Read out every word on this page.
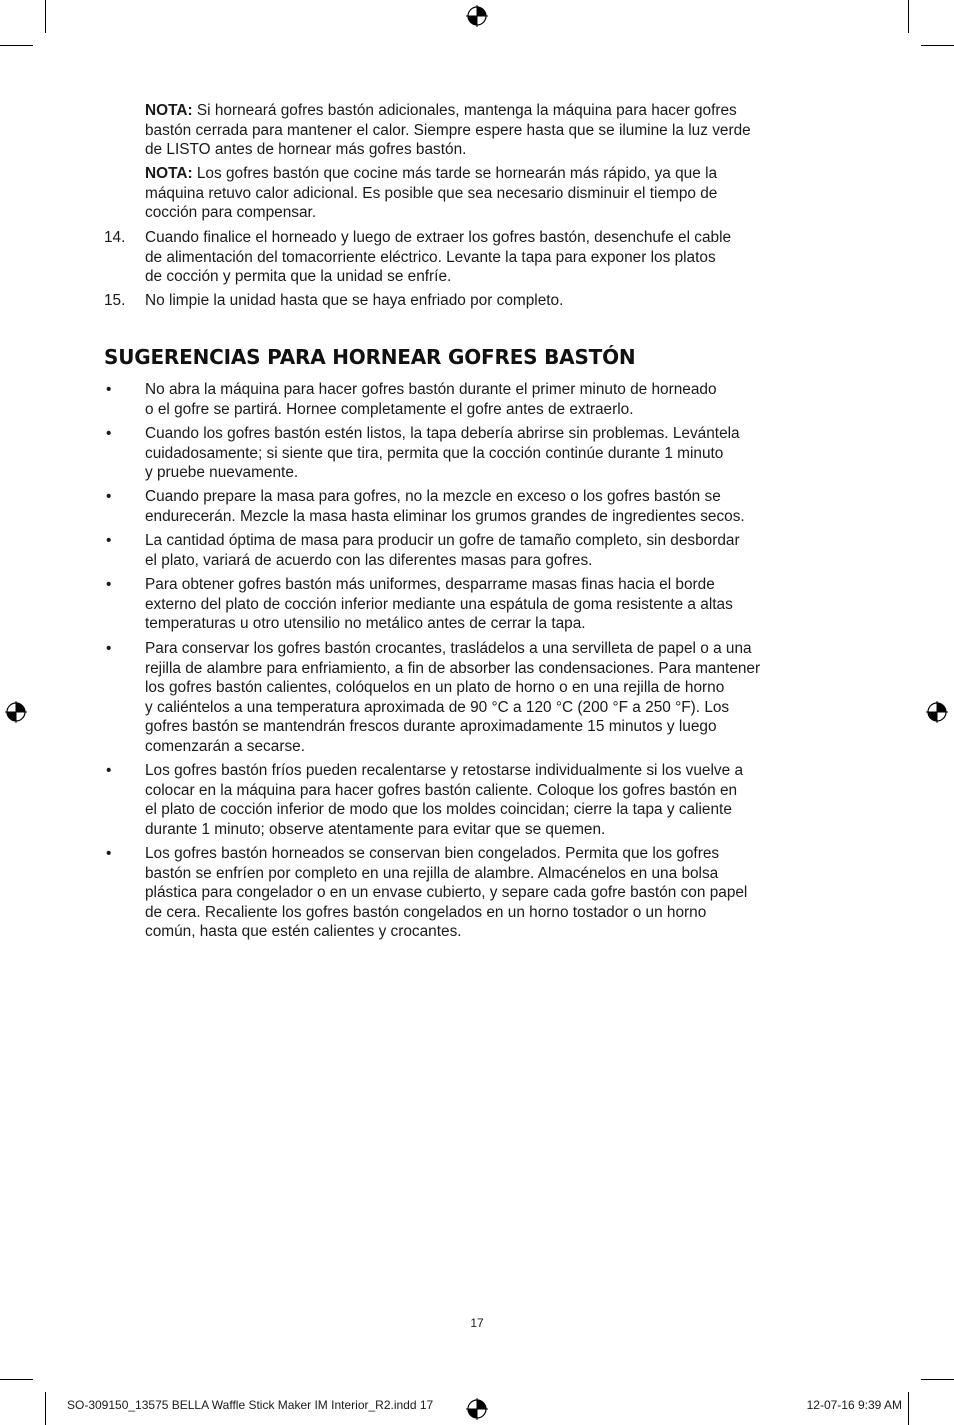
NOTA: Si horneará gofres bastón adicionales, mantenga la máquina para hacer gofres
bastón cerrada para mantener el calor. Siempre espere hasta que se ilumine la luz verde
de LISTO antes de hornear más gofres bastón.
NOTA: Los gofres bastón que cocine más tarde se hornearán más rápido, ya que la
máquina retuvo calor adicional. Es posible que sea necesario disminuir el tiempo de
cocción para compensar.
14. Cuando finalice el horneado y luego de extraer los gofres bastón, desenchufe el cable
de alimentación del tomacorriente eléctrico. Levante la tapa para exponer los platos
de cocción y permita que la unidad se enfríe.
15. No limpie la unidad hasta que se haya enfriado por completo.
SUGERENCIAS PARA HORNEAR GOFRES BASTÓN
• No abra la máquina para hacer gofres bastón durante el primer minuto de horneado
o el gofre se partirá. Hornee completamente el gofre antes de extraerlo.
• Cuando los gofres bastón estén listos, la tapa debería abrirse sin problemas. Levántela
cuidadosamente; si siente que tira, permita que la cocción continúe durante 1 minuto
y pruebe nuevamente.
• Cuando prepare la masa para gofres, no la mezcle en exceso o los gofres bastón se
endurecerán. Mezcle la masa hasta eliminar los grumos grandes de ingredientes secos.
• La cantidad óptima de masa para producir un gofre de tamaño completo, sin desbordar
el plato, variará de acuerdo con las diferentes masas para gofres.
• Para obtener gofres bastón más uniformes, desparrame masas finas hacia el borde
externo del plato de cocción inferior mediante una espátula de goma resistente a altas
temperaturas u otro utensilio no metálico antes de cerrar la tapa.
• Para conservar los gofres bastón crocantes, trasládelos a una servilleta de papel o a una
rejilla de alambre para enfriamiento, a fin de absorber las condensaciones. Para mantener
los gofres bastón calientes, colóquelos en un plato de horno o en una rejilla de horno
y caliéntelos a una temperatura aproximada de 90 °C a 120 °C (200 °F a 250 °F). Los
gofres bastón se mantendrán frescos durante aproximadamente 15 minutos y luego
comenzarán a secarse.
• Los gofres bastón fríos pueden recalentarse y retostarse individualmente si los vuelve a
colocar en la máquina para hacer gofres bastón caliente. Coloque los gofres bastón en
el plato de cocción inferior de modo que los moldes coincidan; cierre la tapa y caliente
durante 1 minuto; observe atentamente para evitar que se quemen.
• Los gofres bastón horneados se conservan bien congelados. Permita que los gofres
bastón se enfríen por completo en una rejilla de alambre. Almacénelos en una bolsa
plástica para congelador o en un envase cubierto, y separe cada gofre bastón con papel
de cera. Recaliente los gofres bastón congelados en un horno tostador o un horno
común, hasta que estén calientes y crocantes.
17
SO-309150_13575 BELLA Waffle Stick Maker IM Interior_R2.indd 17	12-07-16 9:39 AM
